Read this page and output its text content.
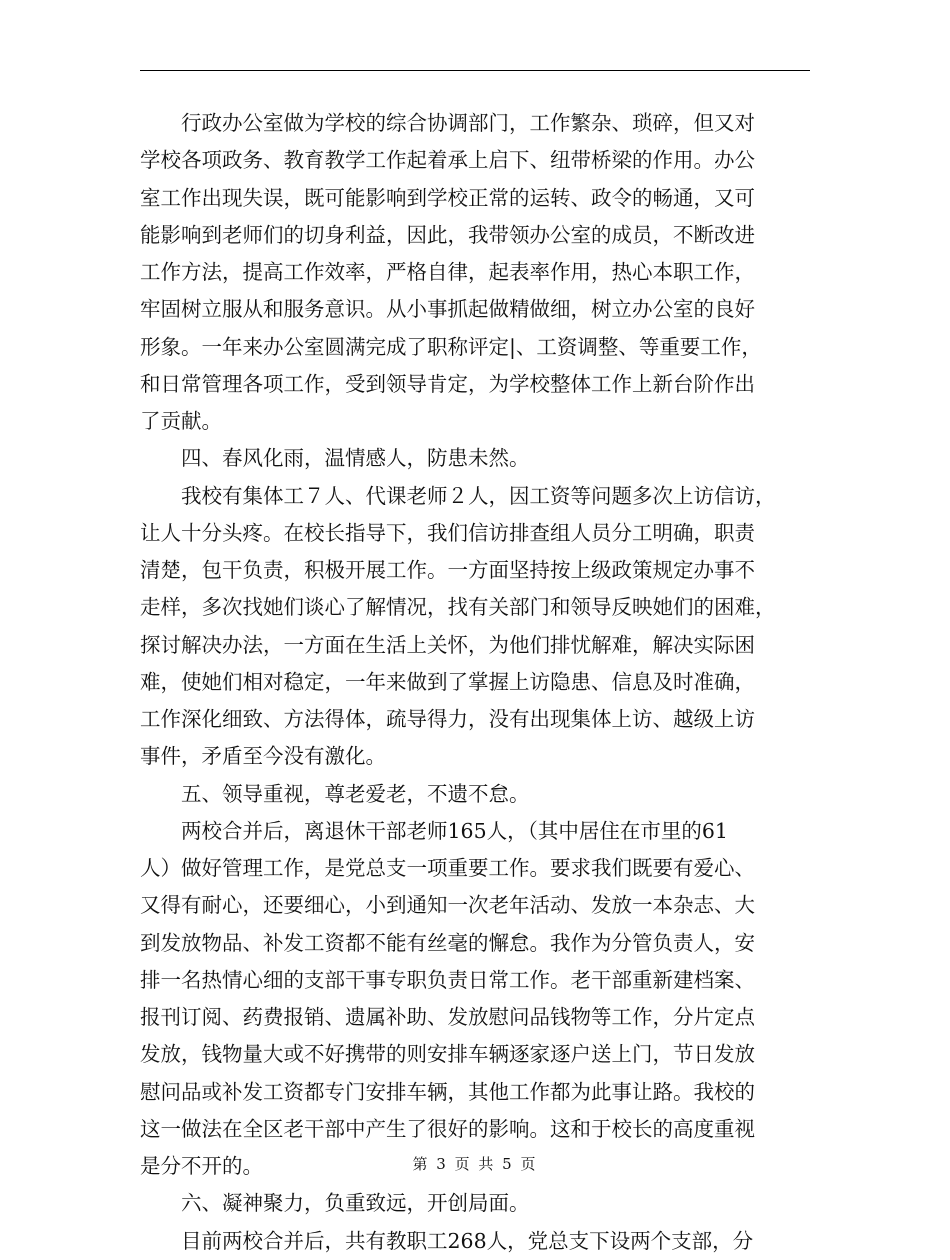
　　行政办公室做为学校的综合协调部门，工作繁杂、琐碎，但又对
学校各项政务、教育教学工作起着承上启下、纽带桥梁的作用。办公
室工作出现失误，既可能影响到学校正常的运转、政令的畅通，又可
能影响到老师们的切身利益，因此，我带领办公室的成员，不断改进
工作方法，提高工作效率，严格自律，起表率作用，热心本职工作，
牢固树立服从和服务意识。从小事抓起做精做细，树立办公室的良好
形象。一年来办公室圆满完成了职称评定|、工资调整、等重要工作，
和日常管理各项工作，受到领导肯定，为学校整体工作上新台阶作出
了贡献。
　　四、春风化雨，温情感人，防患未然。
　　我校有集体工７人、代课老师２人，因工资等问题多次上访信访，
让人十分头疼。在校长指导下，我们信访排查组人员分工明确，职责
清楚，包干负责，积极开展工作。一方面坚持按上级政策规定办事不
走样，多次找她们谈心了解情况，找有关部门和领导反映她们的困难，
探讨解决办法，一方面在生活上关怀，为他们排忧解难，解决实际困
难，使她们相对稳定，一年来做到了掌握上访隐患、信息及时准确，
工作深化细致、方法得体，疏导得力，没有出现集体上访、越级上访
事件，矛盾至今没有激化。
　　五、领导重视，尊老爱老，不遗不怠。
　　两校合并后，离退休干部老师165人，（其中居住在市里的61
人）做好管理工作，是党总支一项重要工作。要求我们既要有爱心、
又得有耐心，还要细心，小到通知一次老年活动、发放一本杂志、大
到发放物品、补发工资都不能有丝毫的懈怠。我作为分管负责人，安
排一名热情心细的支部干事专职负责日常工作。老干部重新建档案、
报刊订阅、药费报销、遗属补助、发放慰问品钱物等工作，分片定点
发放，钱物量大或不好携带的则安排车辆逐家逐户送上门，节日发放
慰问品或补发工资都专门安排车辆，其他工作都为此事让路。我校的
这一做法在全区老干部中产生了很好的影响。这和于校长的高度重视
是分不开的。
　　六、凝神聚力，负重致远，开创局面。
　　目前两校合并后，共有教职工268人，党总支下设两个支部，分
第 3 页 共 5 页
